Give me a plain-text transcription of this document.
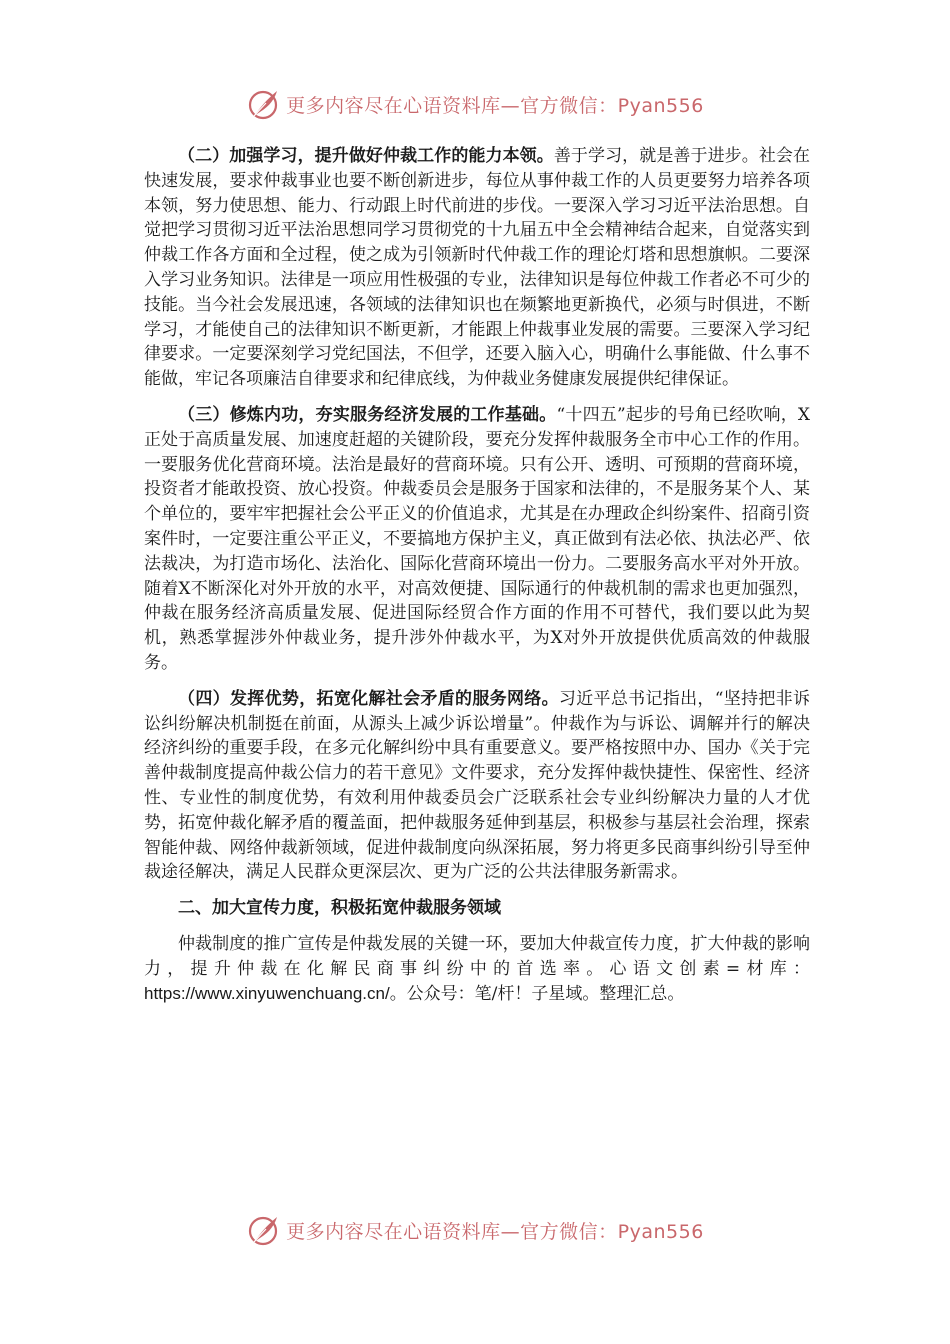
更多内容尽在心语资料库—官方微信：Pyan556

（二）加强学习，提升做好仲裁工作的能力本领。善于学习，就是善于进步。社会在快速发展，要求仲裁事业也要不断创新进步，每位从事仲裁工作的人员更要努力培养各项本领，努力使思想、能力、行动跟上时代前进的步伐。一要深入学习习近平法治思想。自觉把学习贯彻习近平法治思想同学习贯彻党的十九届五中全会精神结合起来，自觉落实到仲裁工作各方面和全过程，使之成为引领新时代仲裁工作的理论灯塔和思想旗帜。二要深入学习业务知识。法律是一项应用性极强的专业，法律知识是每位仲裁工作者必不可少的技能。当今社会发展迅速，各领域的法律知识也在频繁地更新换代，必须与时俱进，不断学习，才能使自己的法律知识不断更新，才能跟上仲裁事业发展的需要。三要深入学习纪律要求。一定要深刻学习党纪国法，不但学，还要入脑入心，明确什么事能做、什么事不能做，牢记各项廉洁自律要求和纪律底线，为仲裁业务健康发展提供纪律保证。

（三）修炼内功，夯实服务经济发展的工作基础。“十四五”起步的号角已经吹响，X正处于高质量发展、加速度赶超的关键阶段，要充分发挥仲裁服务全市中心工作的作用。一要服务优化营商环境。法治是最好的营商环境。只有公开、透明、可预期的营商环境，投资者才能敢投资、放心投资。仲裁委员会是服务于国家和法律的，不是服务某个人、某个单位的，要牢牢把握社会公平正义的价值追求，尤其是在办理政企纠纷案件、招商引资案件时，一定要注重公平正义，不要搞地方保护主义，真正做到有法必依、执法必严、依法裁决，为打造市场化、法治化、国际化营商环境出一份力。二要服务高水平对外开放。随着X不断深化对外开放的水平，对高效便捷、国际通行的仲裁机制的需求也更加强烈，仲裁在服务经济高质量发展、促进国际经贸合作方面的作用不可替代，我们要以此为契机，熟悉掌握涉外仲裁业务，提升涉外仲裁水平，为X对外开放提供优质高效的仲裁服务。

（四）发挥优势，拓宽化解社会矛盾的服务网络。习近平总书记指出，“坚持把非诉讼纠纷解决机制挺在前面，从源头上减少诉讼增量”。仲裁作为与诉讼、调解并行的解决经济纠纷的重要手段，在多元化解纠纷中具有重要意义。要严格按照中办、国办《关于完善仲裁制度提高仲裁公信力的若干意见》文件要求，充分发挥仲裁快捷性、保密性、经济性、专业性的制度优势，有效利用仲裁委员会广泛联系社会专业纠纷解决力量的人才优势，拓宽仲裁化解矛盾的覆盖面，把仲裁服务延伸到基层，积极参与基层社会治理，探索智能仲裁、网络仲裁新领域，促进仲裁制度向纵深拓展，努力将更多民商事纠纷引导至仲裁途径解决，满足人民群众更深层次、更为广泛的公共法律服务新需求。

二、加大宣传力度，积极拓宽仲裁服务领域

仲裁制度的推广宣传是仲裁发展的关键一环，要加大仲裁宣传力度，扩大仲裁的影响力，提升仲裁在化解民商事纠纷中的首选率。心语文创素=材库：https://www.xinyuwenchuang.cn/。公众号：笔/杆！子星域。整理汇总。

更多内容尽在心语资料库—官方微信：Pyan556
